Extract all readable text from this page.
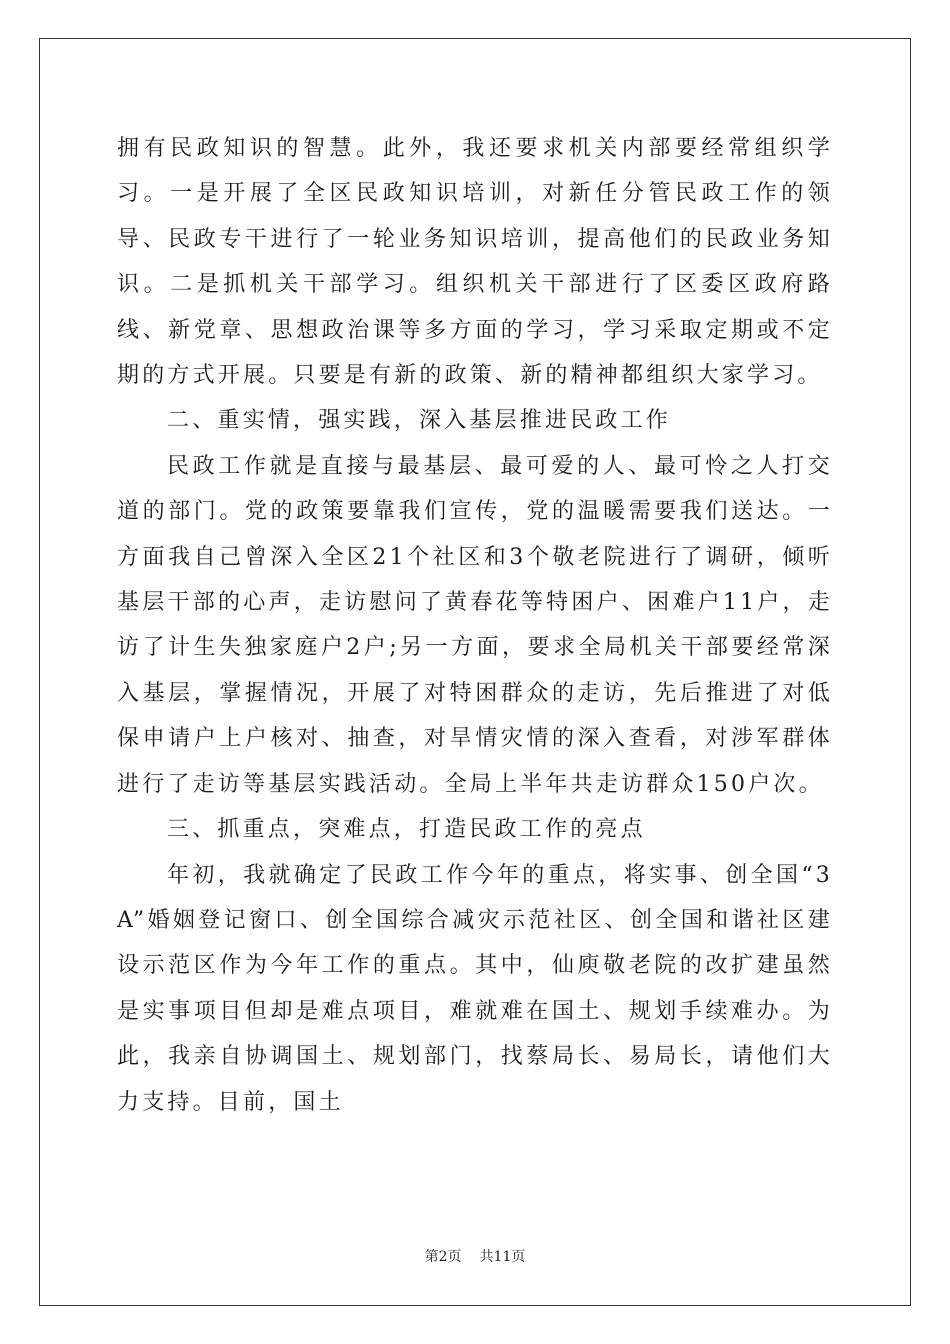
拥有民政知识的智慧。此外，我还要求机关内部要经常组织学习。一是开展了全区民政知识培训，对新任分管民政工作的领导、民政专干进行了一轮业务知识培训，提高他们的民政业务知识。二是抓机关干部学习。组织机关干部进行了区委区政府路线、新党章、思想政治课等多方面的学习，学习采取定期或不定期的方式开展。只要是有新的政策、新的精神都组织大家学习。

二、重实情，强实践，深入基层推进民政工作

民政工作就是直接与最基层、最可爱的人、最可怜之人打交道的部门。党的政策要靠我们宣传，党的温暖需要我们送达。一方面我自己曾深入全区21个社区和3个敬老院进行了调研，倾听基层干部的心声，走访慰问了黄春花等特困户、困难户11户，走访了计生失独家庭户2户;另一方面，要求全局机关干部要经常深入基层，掌握情况，开展了对特困群众的走访，先后推进了对低保申请户上户核对、抽查，对旱情灾情的深入查看，对涉军群体进行了走访等基层实践活动。全局上半年共走访群众150户次。

三、抓重点，突难点，打造民政工作的亮点

年初，我就确定了民政工作今年的重点，将实事、创全国“3A”婚姻登记窗口、创全国综合减灾示范社区、创全国和谐社区建设示范区作为今年工作的重点。其中，仙庾敬老院的改扩建虽然是实事项目但却是难点项目，难就难在国土、规划手续难办。为此，我亲自协调国土、规划部门，找蔡局长、易局长，请他们大力支持。目前，国土

第2页 共11页
